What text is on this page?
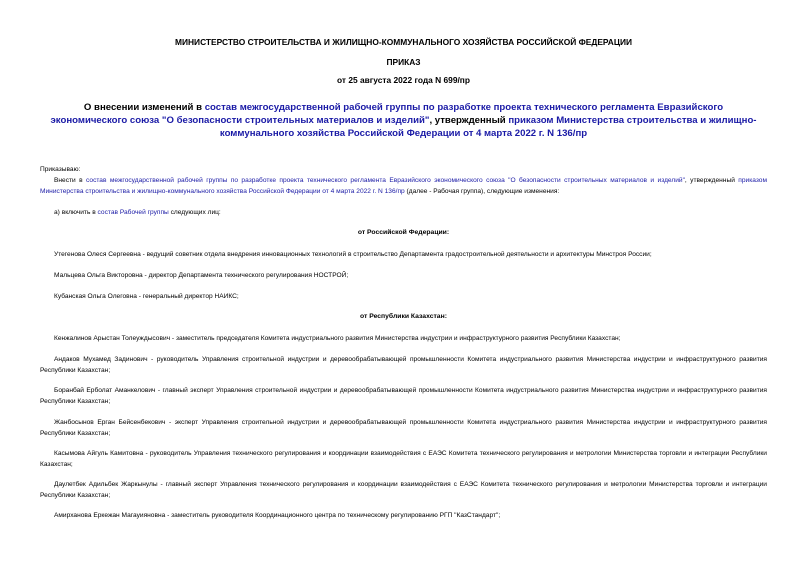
МИНИСТЕРСТВО СТРОИТЕЛЬСТВА И ЖИЛИЩНО-КОММУНАЛЬНОГО ХОЗЯЙСТВА РОССИЙСКОЙ ФЕДЕРАЦИИ
ПРИКАЗ
от 25 августа 2022 года N 699/пр
О внесении изменений в состав межгосударственной рабочей группы по разработке проекта технического регламента Евразийского экономического союза "О безопасности строительных материалов и изделий", утвержденный приказом Министерства строительства и жилищно-коммунального хозяйства Российской Федерации от 4 марта 2022 г. N 136/пр
Приказываю:
Внести в состав межгосударственной рабочей группы по разработке проекта технического регламента Евразийского экономического союза "О безопасности строительных материалов и изделий", утвержденный приказом Министерства строительства и жилищно-коммунального хозяйства Российской Федерации от 4 марта 2022 г. N 136/пр (далее - Рабочая группа), следующие изменения:
а) включить в состав Рабочей группы следующих лиц:
от Российской Федерации:
Утегенова Олеся Сергеевна - ведущий советник отдела внедрения инновационных технологий в строительство Департамента градостроительной деятельности и архитектуры Минстроя России;
Мальцева Ольга Викторовна - директор Департамента технического регулирования НОСТРОЙ;
Кубанская Ольга Олеговна - генеральный директор НАИКС;
от Республики Казахстан:
Кенжалинов Арыстан Толеуждысович - заместитель председателя Комитета индустриального развития Министерства индустрии и инфраструктурного развития Республики Казахстан;
Андаков Мухамед Задинович - руководитель Управления строительной индустрии и деревообрабатывающей промышленности Комитета индустриального развития Министерства индустрии и инфраструктурного развития Республики Казахстан;
Боранбай Ерболат Аманкелович - главный эксперт Управления строительной индустрии и деревообрабатывающей промышленности Комитета индустриального развития Министерства индустрии и инфраструктурного развития Республики Казахстан;
Жанбосынов Ерган Бейсенбекович - эксперт Управления строительной индустрии и деревообрабатывающей промышленности Комитета индустриального развития Министерства индустрии и инфраструктурного развития Республики Казахстан;
Касымова Айгуль Камитовна - руководитель Управления технического регулирования и координации взаимодействия с ЕАЭС Комитета технического регулирования и метрологии Министерства торговли и интеграции Республики Казахстан;
Даулетбек Адильбек Жаркынулы - главный эксперт Управления технического регулирования и координации взаимодействия с ЕАЭС Комитета технического регулирования и метрологии Министерства торговли и интеграции Республики Казахстан;
Амирханова Еркежан Магауияновна - заместитель руководителя Координационного центра по техническому регулированию РГП "КазСтандарт";
